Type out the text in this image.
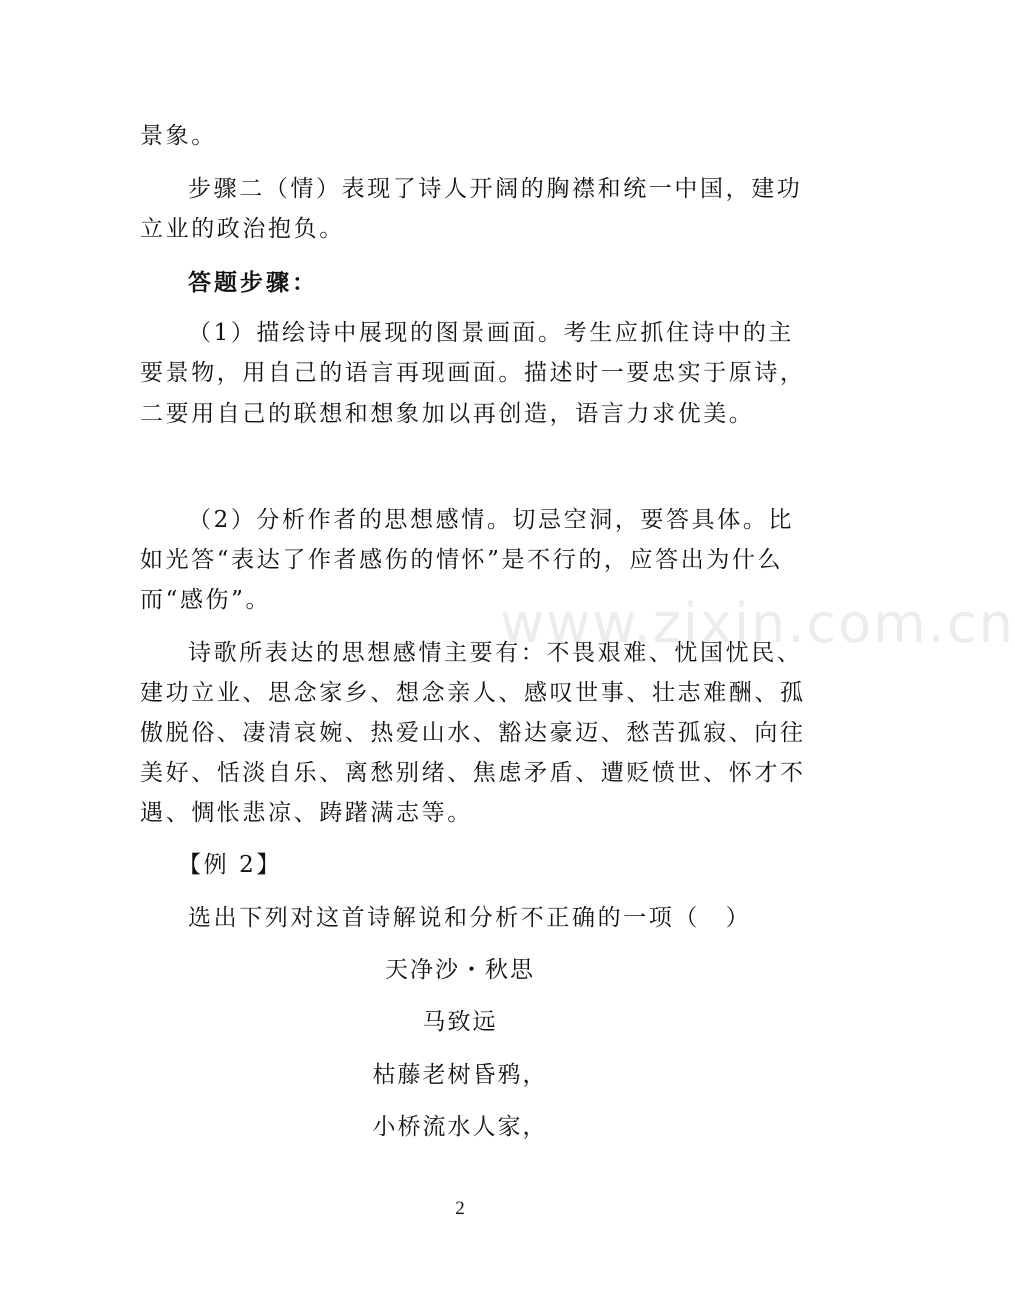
景象。

步骤二（情）表现了诗人开阔的胸襟和统一中国，建功

立业的政治抱负。

答题步骤：

（1）描绘诗中展现的图景画面。考生应抓住诗中的主

要景物，用自己的语言再现画面。描述时一要忠实于原诗，

二要用自己的联想和想象加以再创造，语言力求优美。

（2）分析作者的思想感情。切忌空洞，要答具体。比

如光答“表达了作者感伤的情怀”是不行的，应答出为什么

而“感伤”。

诗歌所表达的思想感情主要有：不畏艰难、忧国忧民、

建功立业、思念家乡、想念亲人、感叹世事、壮志难酬、孤

傲脱俗、凄清哀婉、热爱山水、豁达豪迈、愁苦孤寂、向往

美好、恬淡自乐、离愁别绪、焦虑矛盾、遭贬愤世、怀才不

遇、惆怅悲凉、踌躇满志等。

【例 2】

选出下列对这首诗解说和分析不正确的一项（　）

天净沙・秋思

马致远

枯藤老树昏鸦，

小桥流水人家，

www.zixin.com.cn
2
